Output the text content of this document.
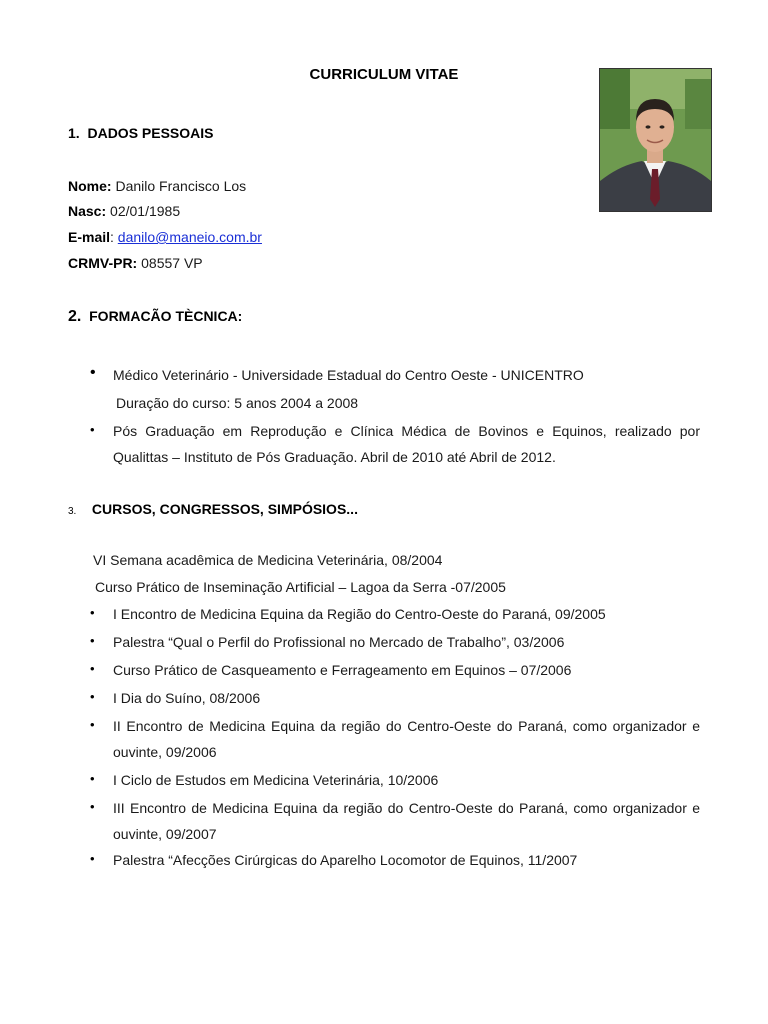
CURRICULUM VITAE
1. DADOS PESSOAIS
Nome: Danilo Francisco Los
Nasc: 02/01/1985
E-mail: danilo@maneio.com.br
CRMV-PR: 08557 VP
2. FORMACÃO TÈCNICA:
• Médico Veterinário - Universidade Estadual do Centro Oeste - UNICENTRO
Duração do curso: 5 anos 2004 a 2008
• Pós Graduação em Reprodução e Clínica Médica de Bovinos e Equinos, realizado por Qualittas – Instituto de Pós Graduação. Abril de 2010 até Abril de 2012.
3. CURSOS, CONGRESSOS, SIMPÓSIOS...
VI Semana acadêmica de Medicina Veterinária, 08/2004
Curso Prático de Inseminação Artificial – Lagoa da Serra -07/2005
• I Encontro de Medicina Equina da Região do Centro-Oeste do Paraná, 09/2005
• Palestra “Qual o Perfil do Profissional no Mercado de Trabalho”, 03/2006
• Curso Prático de Casqueamento e Ferrageamento em Equinos – 07/2006
• I Dia do Suíno, 08/2006
• II Encontro de Medicina Equina da região do Centro-Oeste do Paraná, como organizador e ouvinte, 09/2006
• I Ciclo de Estudos em Medicina Veterinária, 10/2006
• III Encontro de Medicina Equina da região do Centro-Oeste do Paraná, como organizador e ouvinte, 09/2007
• Palestra “Afecções Cirúrgicas do Aparelho Locomotor de Equinos, 11/2007
